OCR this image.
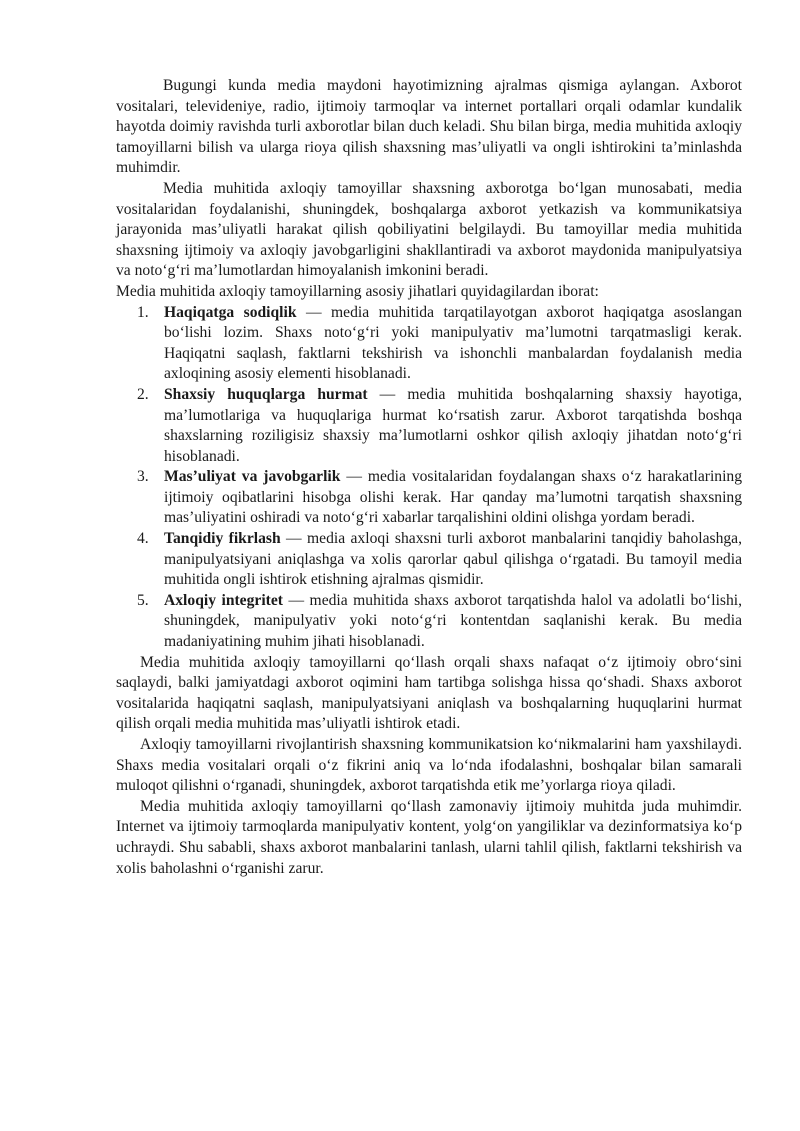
Bugungi kunda media maydoni hayotimizning ajralmas qismiga aylangan. Axborot vositalari, televideniye, radio, ijtimoiy tarmoqlar va internet portallari orqali odamlar kundalik hayotda doimiy ravishda turli axborotlar bilan duch keladi. Shu bilan birga, media muhitida axloqiy tamoyillarni bilish va ularga rioya qilish shaxsning mas’uliyatli va ongli ishtirokini ta’minlashda muhimdir.

Media muhitida axloqiy tamoyillar shaxsning axborotga bo‘lgan munosabati, media vositalaridan foydalanishi, shuningdek, boshqalarga axborot yetkazish va kommunikatsiya jarayonida mas’uliyatli harakat qilish qobiliyatini belgilaydi. Bu tamoyillar media muhitida shaxsning ijtimoiy va axloqiy javobgarligini shakllantiradi va axborot maydonida manipulyatsiya va noto‘g‘ri ma’lumotlardan himoyalanish imkonini beradi.

Media muhitida axloqiy tamoyillarning asosiy jihatlari quyidagilardan iborat:

1. Haqiqatga sodiqlik — media muhitida tarqatilayotgan axborot haqiqatga asoslangan bo‘lishi lozim. Shaxs noto‘g‘ri yoki manipulyativ ma’lumotni tarqatmasligi kerak. Haqiqatni saqlash, faktlarni tekshirish va ishonchli manbalardan foydalanish media axloqining asosiy elementi hisoblanadi.
2. Shaxsiy huquqlarga hurmat — media muhitida boshqalarning shaxsiy hayotiga, ma’lumotlariga va huquqlariga hurmat ko‘rsatish zarur. Axborot tarqatishda boshqa shaxslarning roziligisiz shaxsiy ma’lumotlarni oshkor qilish axloqiy jihatdan noto‘g‘ri hisoblanadi.
3. Mas’uliyat va javobgarlik — media vositalaridan foydalangan shaxs o‘z harakatlarining ijtimoiy oqibatlarini hisobga olishi kerak. Har qanday ma’lumotni tarqatish shaxsning mas’uliyatini oshiradi va noto‘g‘ri xabarlar tarqalishini oldini olishga yordam beradi.
4. Tanqidiy fikrlash — media axloqi shaxsni turli axborot manbalarini tanqidiy baholashga, manipulyatsiyani aniqlashga va xolis qarorlar qabul qilishga o‘rgatadi. Bu tamoyil media muhitida ongli ishtirok etishning ajralmas qismidir.
5. Axloqiy integritet — media muhitida shaxs axborot tarqatishda halol va adolatli bo‘lishi, shuningdek, manipulyativ yoki noto‘g‘ri kontentdan saqlanishi kerak. Bu media madaniyatining muhim jihati hisoblanadi.

Media muhitida axloqiy tamoyillarni qo‘llash orqali shaxs nafaqat o‘z ijtimoiy obro‘sini saqlaydi, balki jamiyatdagi axborot oqimini ham tartibga solishga hissa qo‘shadi. Shaxs axborot vositalarida haqiqatni saqlash, manipulyatsiyani aniqlash va boshqalarning huquqlarini hurmat qilish orqali media muhitida mas’uliyatli ishtirok etadi.

Axloqiy tamoyillarni rivojlantirish shaxsning kommunikatsion ko‘nikmalarini ham yaxshilaydi. Shaxs media vositalari orqali o‘z fikrini aniq va lo‘nda ifodalashni, boshqalar bilan samarali muloqot qilishni o‘rganadi, shuningdek, axborot tarqatishda etik me’yorlarga rioya qiladi.

Media muhitida axloqiy tamoyillarni qo‘llash zamonaviy ijtimoiy muhitda juda muhimdir. Internet va ijtimoiy tarmoqlarda manipulyativ kontent, yolg‘on yangiliklar va dezinformatsiya ko‘p uchraydi. Shu sababli, shaxs axborot manbalarini tanlash, ularni tahlil qilish, faktlarni tekshirish va xolis baholashni o‘rganishi zarur.
